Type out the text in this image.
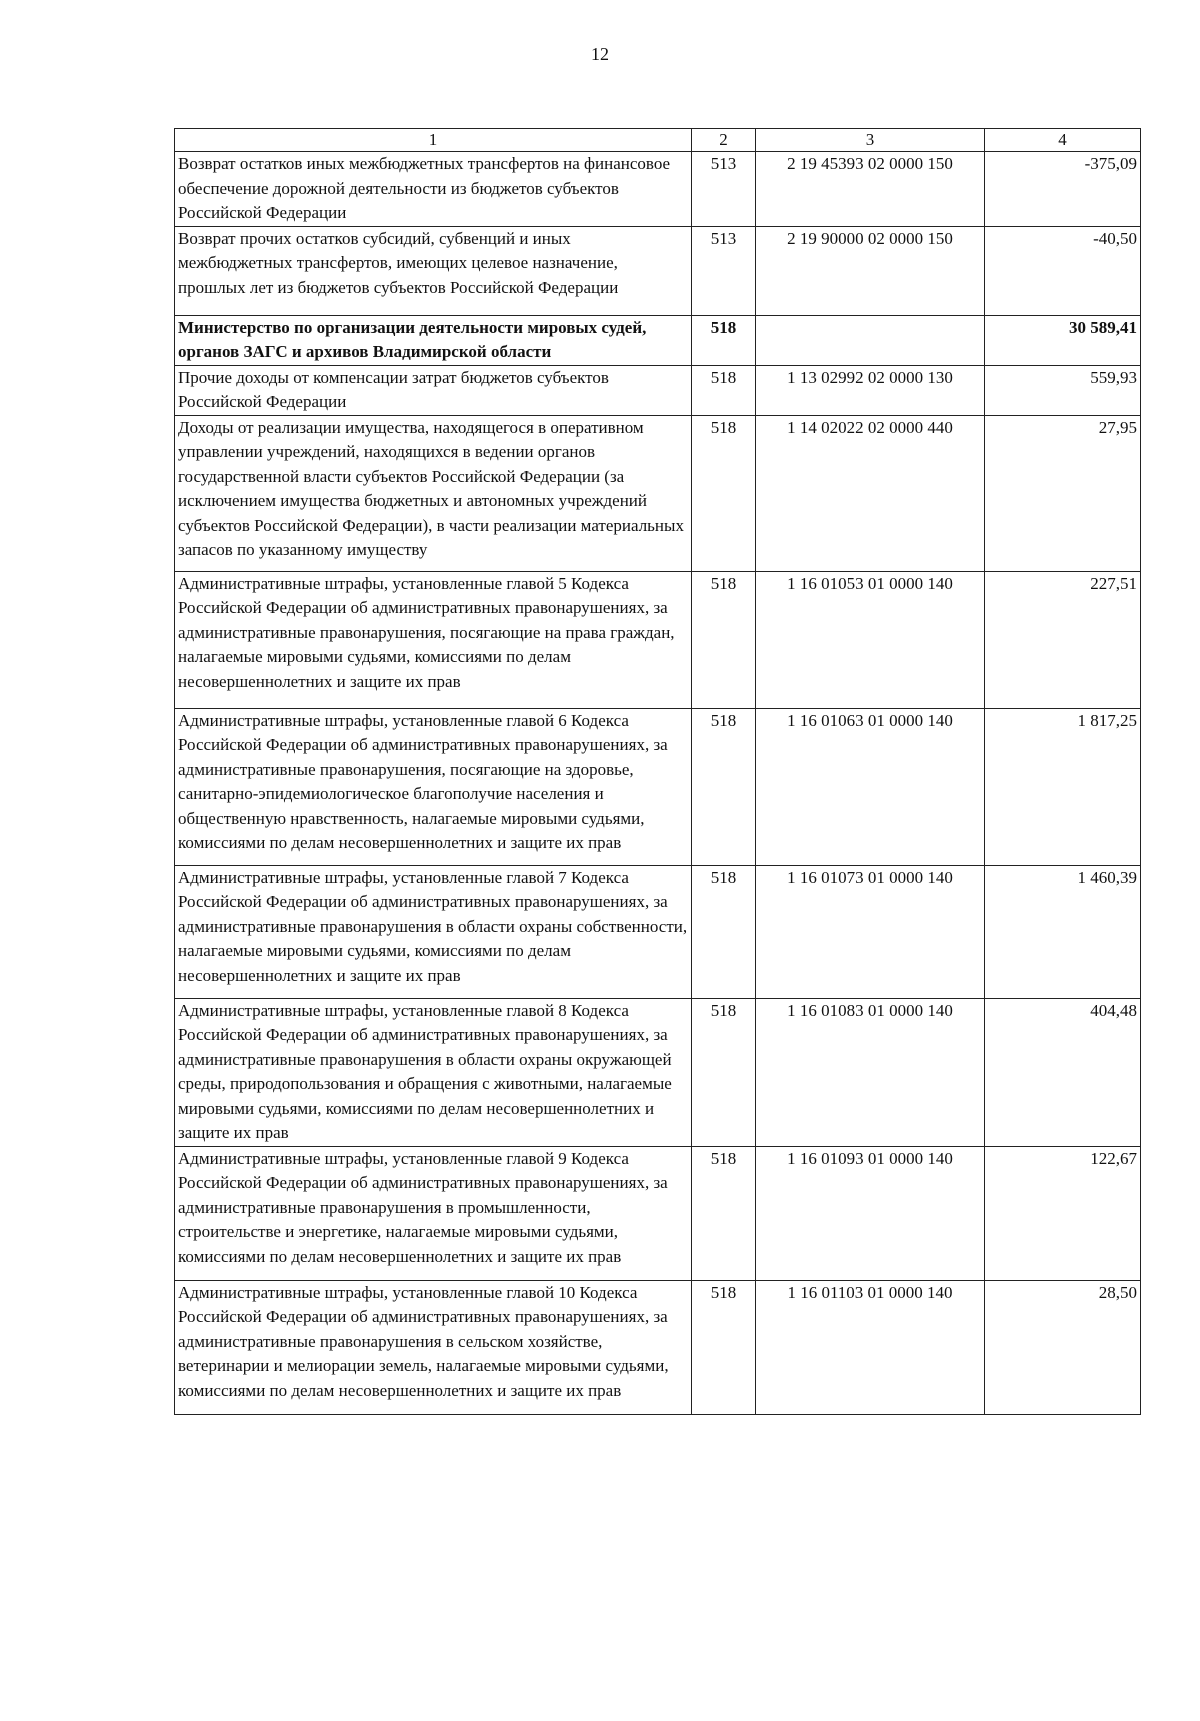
12
1	2	3	4
Возврат остатков иных межбюджетных трансфертов на финансовое обеспечение дорожной деятельности из бюджетов субъектов Российской Федерации	513	2 19 45393 02 0000 150	-375,09
Возврат прочих остатков субсидий, субвенций и иных межбюджетных трансфертов, имеющих целевое назначение, прошлых лет из бюджетов субъектов Российской Федерации	513	2 19 90000 02 0000 150	-40,50
Министерство по организации деятельности мировых судей, органов ЗАГС и архивов Владимирской области	518		30 589,41
Прочие доходы от компенсации затрат бюджетов субъектов Российской Федерации	518	1 13 02992 02 0000 130	559,93
Доходы от реализации имущества, находящегося в оперативном управлении учреждений, находящихся в ведении органов государственной власти субъектов Российской Федерации (за исключением имущества бюджетных и автономных учреждений субъектов Российской Федерации), в части реализации материальных запасов по указанному имуществу	518	1 14 02022 02 0000 440	27,95
Административные штрафы, установленные главой 5 Кодекса Российской Федерации об административных правонарушениях, за административные правонарушения, посягающие на права граждан, налагаемые мировыми судьями, комиссиями по делам несовершеннолетних и защите их прав	518	1 16 01053 01 0000 140	227,51
Административные штрафы, установленные главой 6 Кодекса Российской Федерации об административных правонарушениях, за административные правонарушения, посягающие на здоровье, санитарно-эпидемиологическое благополучие населения и общественную нравственность, налагаемые мировыми судьями, комиссиями по делам несовершеннолетних и защите их прав	518	1 16 01063 01 0000 140	1 817,25
Административные штрафы, установленные главой 7 Кодекса Российской Федерации об административных правонарушениях, за административные правонарушения в области охраны собственности, налагаемые мировыми судьями, комиссиями по делам несовершеннолетних и защите их прав	518	1 16 01073 01 0000 140	1 460,39
Административные штрафы, установленные главой 8 Кодекса Российской Федерации об административных правонарушениях, за административные правонарушения в области охраны окружающей среды, природопользования и обращения с животными, налагаемые мировыми судьями, комиссиями по делам несовершеннолетних и защите их прав	518	1 16 01083 01 0000 140	404,48
Административные штрафы, установленные главой 9 Кодекса Российской Федерации об административных правонарушениях, за административные правонарушения в промышленности, строительстве и энергетике, налагаемые мировыми судьями, комиссиями по делам несовершеннолетних и защите их прав	518	1 16 01093 01 0000 140	122,67
Административные штрафы, установленные главой 10 Кодекса Российской Федерации об административных правонарушениях, за административные правонарушения в сельском хозяйстве, ветеринарии и мелиорации земель, налагаемые мировыми судьями, комиссиями по делам несовершеннолетних и защите их прав	518	1 16 01103 01 0000 140	28,50
